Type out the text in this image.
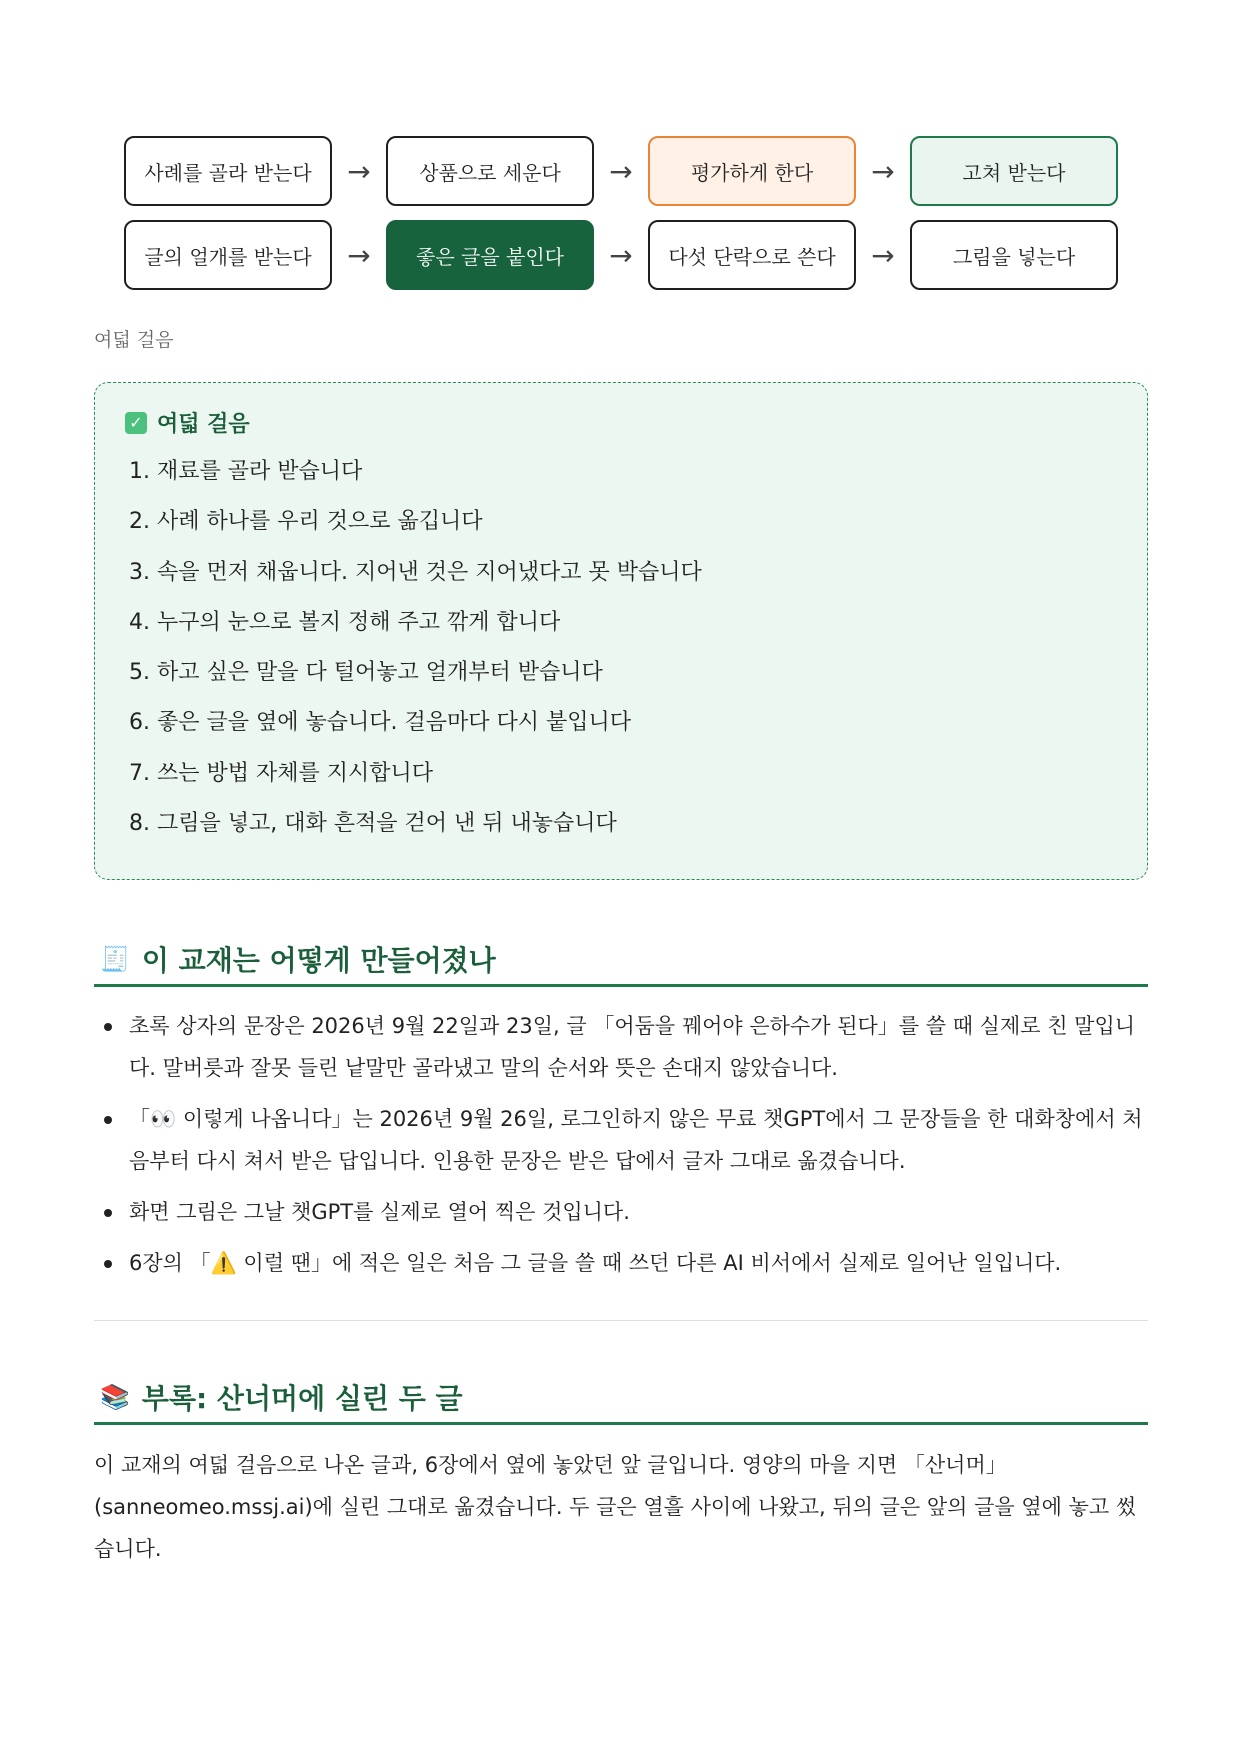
사례를 골라 받는다	→	상품으로 세운다	→	평가하게 한다	→	고쳐 받는다
글의 얼개를 받는다	→	좋은 글을 붙인다	→	다섯 단락으로 쓴다	→	그림을 넣는다
여덟 걸음
✓ 여덟 걸음
1. 재료를 골라 받습니다
2. 사례 하나를 우리 것으로 옮깁니다
3. 속을 먼저 채웁니다. 지어낸 것은 지어냈다고 못 박습니다
4. 누구의 눈으로 볼지 정해 주고 깎게 합니다
5. 하고 싶은 말을 다 털어놓고 얼개부터 받습니다
6. 좋은 글을 옆에 놓습니다. 걸음마다 다시 붙입니다
7. 쓰는 방법 자체를 지시합니다
8. 그림을 넣고, 대화 흔적을 걷어 낸 뒤 내놓습니다
🧾 이 교재는 어떻게 만들어졌나
초록 상자의 문장은 2026년 9월 22일과 23일, 글 「어둠을 꿰어야 은하수가 된다」를 쓸 때 실제로 친 말입니다. 말버릇과 잘못 들린 낱말만 골라냈고 말의 순서와 뜻은 손대지 않았습니다.
「👀 이렇게 나옵니다」는 2026년 9월 26일, 로그인하지 않은 무료 챗GPT에서 그 문장들을 한 대화창에서 처음부터 다시 쳐서 받은 답입니다. 인용한 문장은 받은 답에서 글자 그대로 옮겼습니다.
화면 그림은 그날 챗GPT를 실제로 열어 찍은 것입니다.
6장의 「⚠️ 이럴 땐」에 적은 일은 처음 그 글을 쓸 때 쓰던 다른 AI 비서에서 실제로 일어난 일입니다.
📚 부록: 산너머에 실린 두 글

이 교재의 여덟 걸음으로 나온 글과, 6장에서 옆에 놓았던 앞 글입니다. 영양의 마을 지면 「산너머」(sanneomeo.mssj.ai)에 실린 그대로 옮겼습니다. 두 글은 열흘 사이에 나왔고, 뒤의 글은 앞의 글을 옆에 놓고 썼습니다.
